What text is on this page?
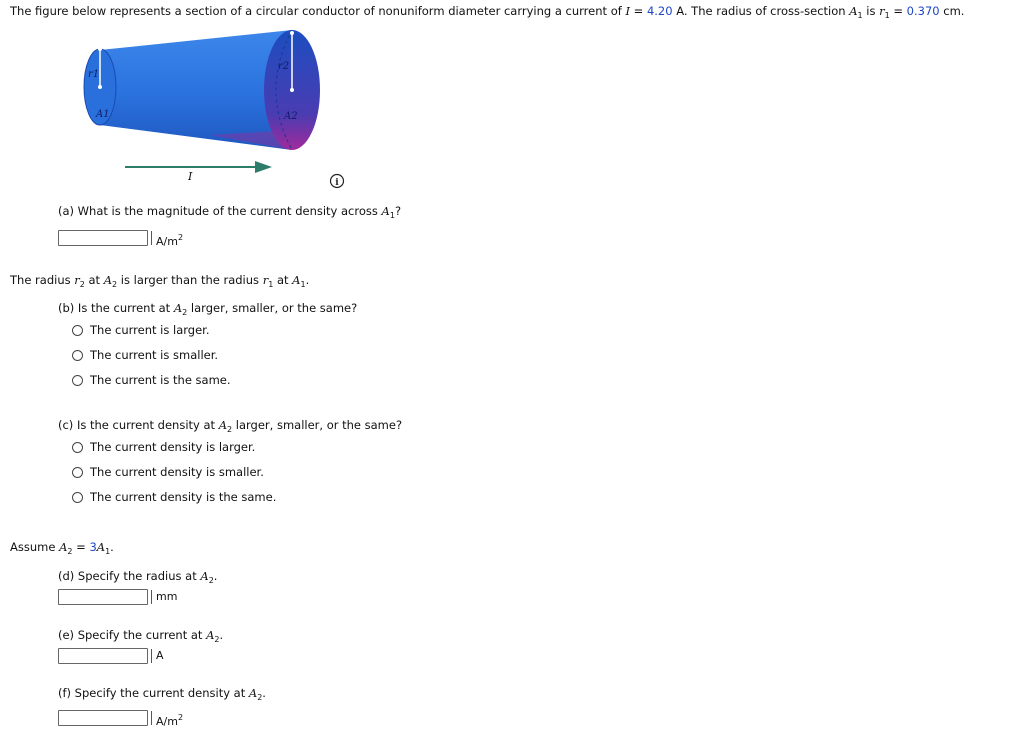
The figure below represents a section of a circular conductor of nonuniform diameter carrying a current of I = 4.20 A. The radius of cross-section $A_1$ is $r_1 = 0.370$ cm.
r1
r2
A1	A2
I	i
(a) What is the magnitude of the current density across $A_1$?
$A/m^2$
The radius $r_2$ at $A_2$ is larger than the radius $r_1$ at $A_1$.
(b) Is the current at $A_2$ larger, smaller, or the same?
The current is larger.
The current is smaller.
The current is the same.
(c) Is the current density at $A_2$ larger, smaller, or the same?
The current density is larger.
The current density is smaller.
The current density is the same.
Assume $A_2 = 3A_1$.
(d) Specify the radius at $A_2$.
mm
(e) Specify the current at $A_2$.
A
(f) Specify the current density at $A_2$.
$A/m^2$
